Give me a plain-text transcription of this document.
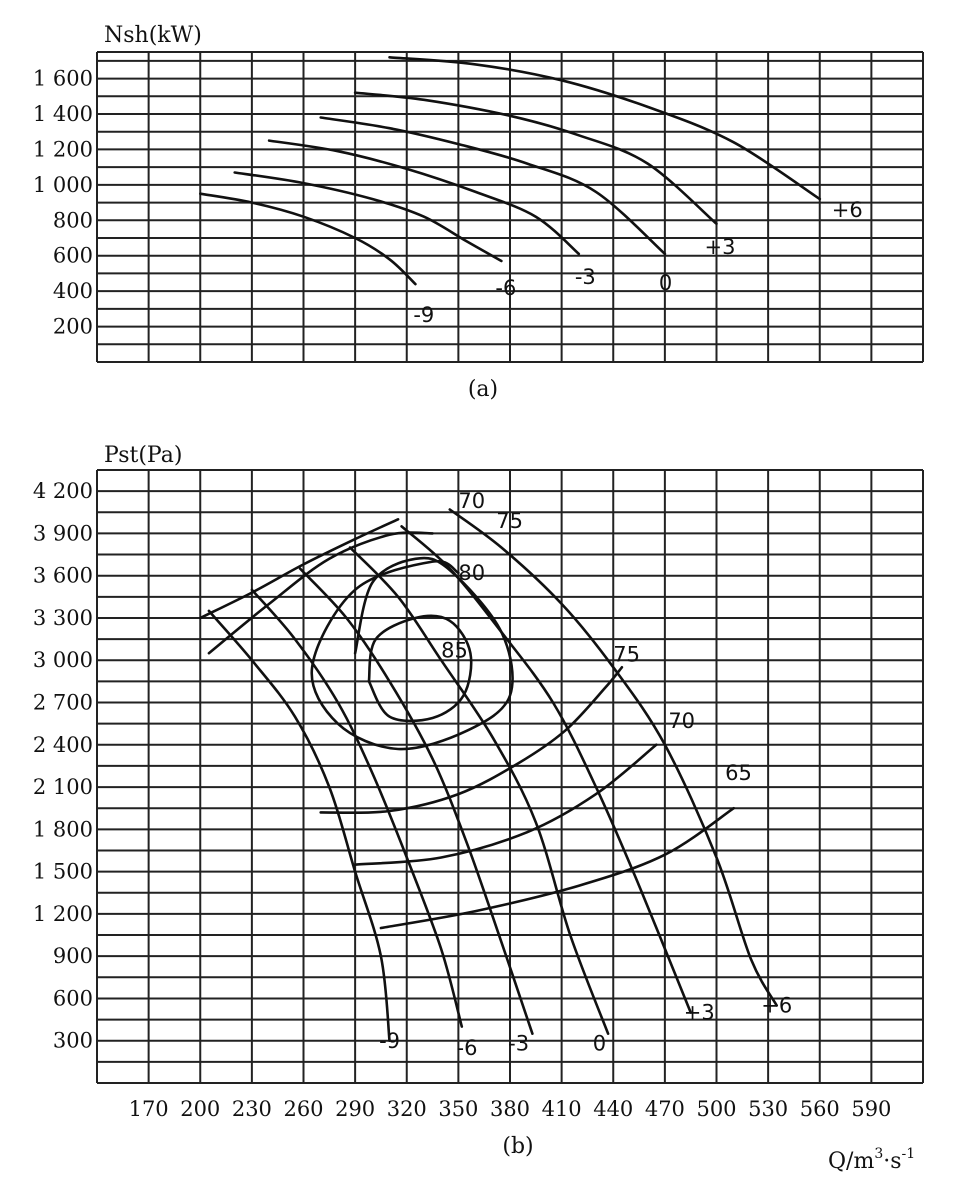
1 600
1 400
1 200
1 000
800
600
400
200
Nsh(kW)
-9
-6	-3	0
+3
+6
(a)
4 200
3 900
3 600
3 300
3 000
2 700
2 400
2 100
1 800
1 500
1 200
900
600
300
170 200 230 260 290 320 350 380 410 440 470 500 530 560 590
Pst(Pa)
$Q/m^3\cdot s^{-1}$
-9	-6 -3	0
+3 +6
70
75
80
85	75
70
65
(b)
